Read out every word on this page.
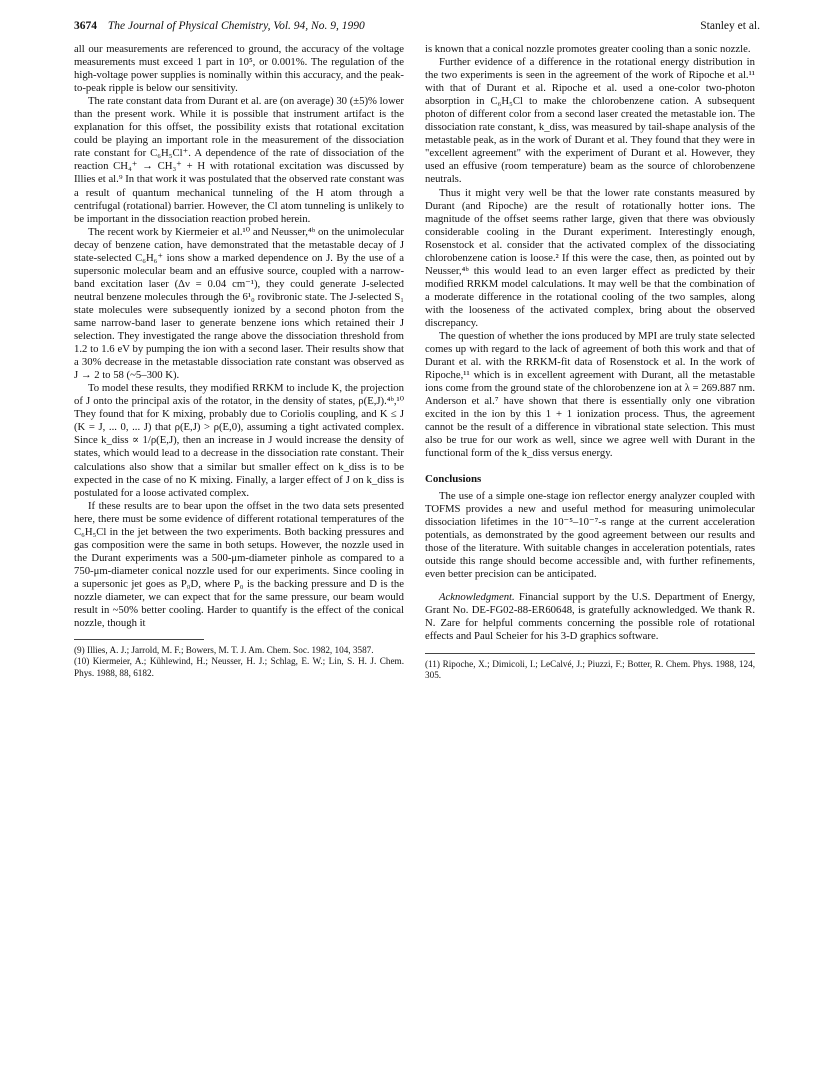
3674 The Journal of Physical Chemistry, Vol. 94, No. 9, 1990	Stanley et al.

all our measurements are referenced to ground, the accuracy of the voltage measurements must exceed 1 part in 10⁵, or 0.001%. The regulation of the high-voltage power supplies is nominally within this accuracy, and the peak-to-peak ripple is below our sensitivity.

The rate constant data from Durant et al. are (on average) 30 (±5)% lower than the present work. While it is possible that instrument artifact is the explanation for this offset, the possibility exists that rotational excitation could be playing an important role in the measurement of the dissociation rate constant for C₆H₅Cl⁺. A dependence of the rate of dissociation of the reaction CH₄⁺ → CH₃⁺ + H with rotational excitation was discussed by Illies et al.⁹ In that work it was postulated that the observed rate constant was a result of quantum mechanical tunneling of the H atom through a centrifugal (rotational) barrier. However, the Cl atom tunneling is unlikely to be important in the dissociation reaction probed herein.

The recent work by Kiermeier et al.¹⁰ and Neusser,⁴ᵇ on the unimolecular decay of benzene cation, have demonstrated that the metastable decay of J state-selected C₆H₆⁺ ions show a marked dependence on J. By the use of a supersonic molecular beam and an effusive source, coupled with a narrow-band excitation laser (Δν = 0.04 cm⁻¹), they could generate J-selected neutral benzene molecules through the 6¹₀ rovibronic state. The J-selected S₁ state molecules were subsequently ionized by a second photon from the same narrow-band laser to generate benzene ions which retained their J selection. They investigated the range above the dissociation threshold from 1.2 to 1.6 eV by pumping the ion with a second laser. Their results show that a 30% decrease in the metastable dissociation rate constant was observed as J → 2 to 58 (~5–300 K).

To model these results, they modified RRKM to include K, the projection of J onto the principal axis of the rotator, in the density of states, ρ(E,J).⁴ᵇ,¹⁰ They found that for K mixing, probably due to Coriolis coupling, and K ≤ J (K = J, ... 0, ... J) that ρ(E,J) > ρ(E,0), assuming a tight activated complex. Since k_diss ∝ 1/ρ(E,J), then an increase in J would increase the density of states, which would lead to a decrease in the dissociation rate constant. Their calculations also show that a similar but smaller effect on k_diss is to be expected in the case of no K mixing. Finally, a larger effect of J on k_diss is postulated for a loose activated complex.

If these results are to bear upon the offset in the two data sets presented here, there must be some evidence of different rotational temperatures of the C₆H₅Cl in the jet between the two experiments. Both backing pressures and gas composition were the same in both setups. However, the nozzle used in the Durant experiments was a 500-μm-diameter pinhole as compared to a 750-μm-diameter conical nozzle used for our experiments. Since cooling in a supersonic jet goes as P₀D, where P₀ is the backing pressure and D is the nozzle diameter, we can expect that for the same pressure, our beam would result in ~50% better cooling. Harder to quantify is the effect of the conical nozzle, though it

(9) Illies, A. J.; Jarrold, M. F.; Bowers, M. T. J. Am. Chem. Soc. 1982, 104, 3587.

(10) Kiermeier, A.; Kühlewind, H.; Neusser, H. J.; Schlag, E. W.; Lin, S. H. J. Chem. Phys. 1988, 88, 6182.

is known that a conical nozzle promotes greater cooling than a sonic nozzle.

Further evidence of a difference in the rotational energy distribution in the two experiments is seen in the agreement of the work of Ripoche et al.¹¹ with that of Durant et al. Ripoche et al. used a one-color two-photon absorption in C₆H₅Cl to make the chlorobenzene cation. A subsequent photon of different color from a second laser created the metastable ion. The dissociation rate constant, k_diss, was measured by tail-shape analysis of the metastable peak, as in the work of Durant et al. They found that they were in "excellent agreement" with the experiment of Durant et al. However, they used an effusive (room temperature) beam as the source of chlorobenzene neutrals.

Thus it might very well be that the lower rate constants measured by Durant (and Ripoche) are the result of rotationally hotter ions. The magnitude of the offset seems rather large, given that there was obviously considerable cooling in the Durant experiment. Interestingly enough, Rosenstock et al. consider that the activated complex of the dissociating chlorobenzene cation is loose.² If this were the case, then, as pointed out by Neusser,⁴ᵇ this would lead to an even larger effect as predicted by their modified RRKM model calculations. It may well be that the combination of a moderate difference in the rotational cooling of the two samples, along with the looseness of the activated complex, bring about the observed discrepancy.

The question of whether the ions produced by MPI are truly state selected comes up with regard to the lack of agreement of both this work and that of Durant et al. with the RRKM-fit data of Rosenstock et al. In the work of Ripoche,¹¹ which is in excellent agreement with Durant, all the metastable ions come from the ground state of the chlorobenzene ion at λ = 269.887 nm. Anderson et al.⁷ have shown that there is essentially only one vibration excited in the ion by this 1 + 1 ionization process. Thus, the agreement cannot be the result of a difference in vibrational state selection. This must also be true for our work as well, since we agree well with Durant in the functional form of the k_diss versus energy.

Conclusions

The use of a simple one-stage ion reflector energy analyzer coupled with TOFMS provides a new and useful method for measuring unimolecular dissociation lifetimes in the 10⁻⁵–10⁻⁷-s range at the current acceleration potentials, as demonstrated by the good agreement between our results and those of the literature. With suitable changes in acceleration potentials, rates outside this range should become accessible and, with further refinements, even better precision can be anticipated.

Acknowledgment. Financial support by the U.S. Department of Energy, Grant No. DE-FG02-88-ER60648, is gratefully acknowledged. We thank R. N. Zare for helpful comments concerning the possible role of rotational effects and Paul Scheier for his 3-D graphics software.

(11) Ripoche, X.; Dimicoli, I.; LeCalvé, J.; Piuzzi, F.; Botter, R. Chem. Phys. 1988, 124, 305.
